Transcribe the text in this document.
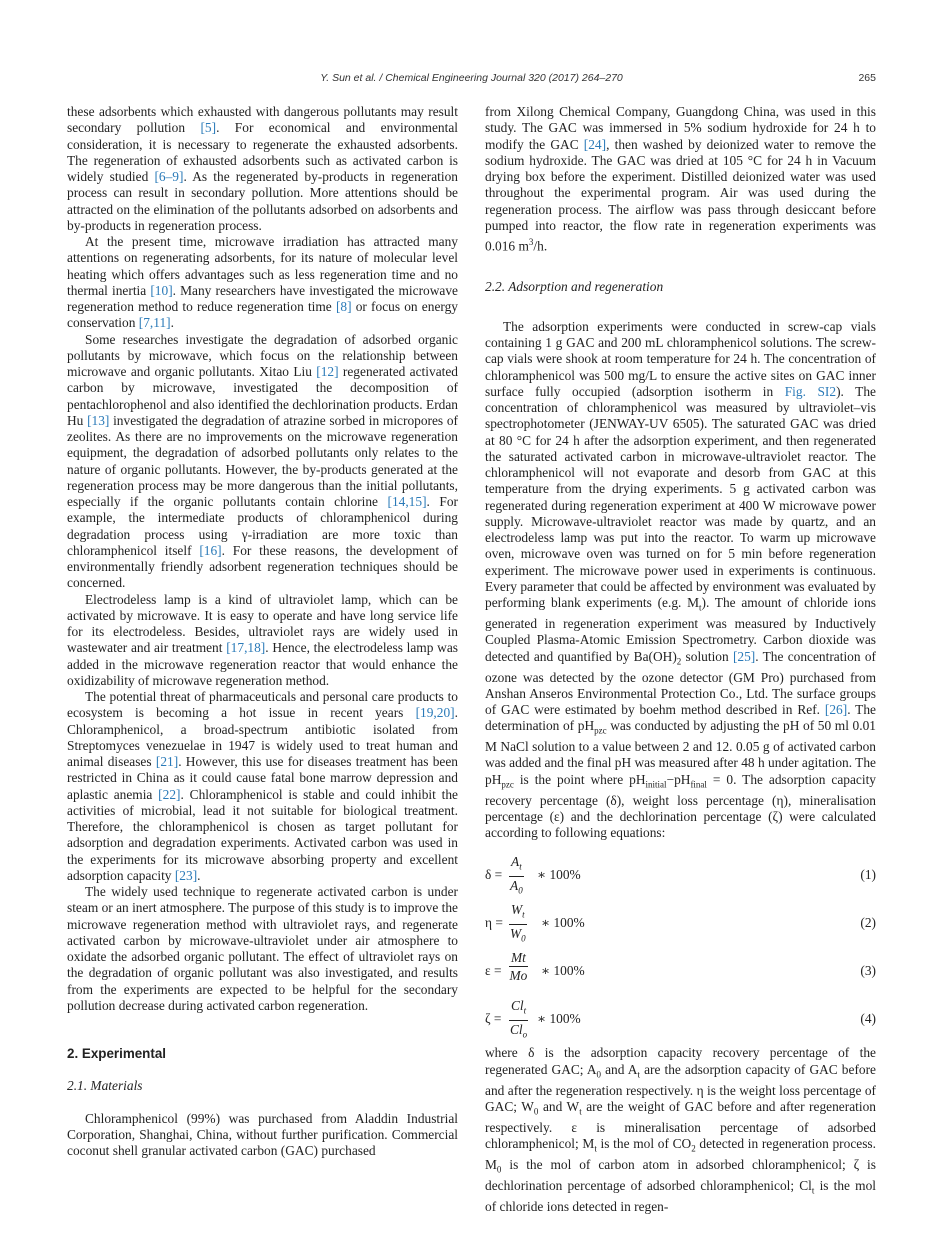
Y. Sun et al. / Chemical Engineering Journal 320 (2017) 264–270	265

these adsorbents which exhausted with dangerous pollutants may result secondary pollution [5]. For economical and environmental consideration, it is necessary to regenerate the exhausted adsorbents. The regeneration of exhausted adsorbents such as activated carbon is widely studied [6–9]. As the regenerated by-products in regeneration process can result in secondary pollution. More attentions should be attracted on the elimination of the pollutants adsorbed on adsorbents and by-products in regeneration process.

At the present time, microwave irradiation has attracted many attentions on regenerating adsorbents, for its nature of molecular level heating which offers advantages such as less regeneration time and no thermal inertia [10]. Many researchers have investigated the microwave regeneration method to reduce regeneration time [8] or focus on energy conservation [7,11].

Some researches investigate the degradation of adsorbed organic pollutants by microwave, which focus on the relationship between microwave and organic pollutants. Xitao Liu [12] regenerated activated carbon by microwave, investigated the decomposition of pentachlorophenol and also identified the dechlorination products. Erdan Hu [13] investigated the degradation of atrazine sorbed in micropores of zeolites. As there are no improvements on the microwave regeneration equipment, the degradation of adsorbed pollutants only relates to the nature of organic pollutants. However, the by-products generated at the regeneration process may be more dangerous than the initial pollutants, especially if the organic pollutants contain chlorine [14,15]. For example, the intermediate products of chloramphenicol during degradation process using γ-irradiation are more toxic than chloramphenicol itself [16]. For these reasons, the development of environmentally friendly adsorbent regeneration techniques should be concerned.

Electrodeless lamp is a kind of ultraviolet lamp, which can be activated by microwave. It is easy to operate and have long service life for its electrodeless. Besides, ultraviolet rays are widely used in wastewater and air treatment [17,18]. Hence, the electrodeless lamp was added in the microwave regeneration reactor that would enhance the oxidizability of microwave regeneration method.

The potential threat of pharmaceuticals and personal care products to ecosystem is becoming a hot issue in recent years [19,20]. Chloramphenicol, a broad-spectrum antibiotic isolated from Streptomyces venezuelae in 1947 is widely used to treat human and animal diseases [21]. However, this use for diseases treatment has been restricted in China as it could cause fatal bone marrow depression and aplastic anemia [22]. Chloramphenicol is stable and could inhibit the activities of microbial, lead it not suitable for biological treatment. Therefore, the chloramphenicol is chosen as target pollutant for adsorption and degradation experiments. Activated carbon was used in the experiments for its microwave absorbing property and excellent adsorption capacity [23].

The widely used technique to regenerate activated carbon is under steam or an inert atmosphere. The purpose of this study is to improve the microwave regeneration method with ultraviolet rays, and regenerate activated carbon by microwave-ultraviolet under air atmosphere to oxidate the adsorbed organic pollutant. The effect of ultraviolet rays on the degradation of organic pollutant was also investigated, and results from the experiments are expected to be helpful for the secondary pollution decrease during activated carbon regeneration.

2. Experimental
2.1. Materials

Chloramphenicol (99%) was purchased from Aladdin Industrial Corporation, Shanghai, China, without further purification. Commercial coconut shell granular activated carbon (GAC) purchased

from Xilong Chemical Company, Guangdong China, was used in this study. The GAC was immersed in 5% sodium hydroxide for 24 h to modify the GAC [24], then washed by deionized water to remove the sodium hydroxide. The GAC was dried at 105 °C for 24 h in Vacuum drying box before the experiment. Distilled deionized water was used throughout the experimental program. Air was used during the regeneration process. The airflow was pass through desiccant before pumped into reactor, the flow rate in regeneration experiments was 0.016 $m^3/h$.

2.2. Adsorption and regeneration

The adsorption experiments were conducted in screw-cap vials containing 1 g GAC and 200 mL chloramphenicol solutions. The screw-cap vials were shook at room temperature for 24 h. The concentration of chloramphenicol was 500 mg/L to ensure the active sites on GAC inner surface fully occupied (adsorption isotherm in Fig. SI2). The concentration of chloramphenicol was measured by ultraviolet–vis spectrophotometer (JENWAY-UV 6505). The saturated GAC was dried at 80 °C for 24 h after the adsorption experiment, and then regenerated the saturated activated carbon in microwave-ultraviolet reactor. The chloramphenicol will not evaporate and desorb from GAC at this temperature from the drying experiments. 5 g activated carbon was regenerated during regeneration experiment at 400 W microwave power supply. Microwave-ultraviolet reactor was made by quartz, and an electrodeless lamp was put into the reactor. To warm up microwave oven, microwave oven was turned on for 5 min before regeneration experiment. The microwave power used in experiments is continuous. Every parameter that could be affected by environment was evaluated by performing blank experiments (e.g. $M_t$). The amount of chloride ions generated in regeneration experiment was measured by Inductively Coupled Plasma-Atomic Emission Spectrometry. Carbon dioxide was detected and quantified by $Ba(OH)_2$ solution [25]. The concentration of ozone was detected by the ozone detector (GM Pro) purchased from Anshan Anseros Environmental Protection Co., Ltd. The surface groups of GAC were estimated by boehm method described in Ref. [26]. The determination of $pH_{pzc}$ was conducted by adjusting the pH of 50 ml 0.01 M NaCl solution to a value between 2 and 12. 0.05 g of activated carbon was added and the final pH was measured after 48 h under agitation. The $pH_{pzc}$ is the point where $pH_{initial}-pH_{final} = 0$. The adsorption capacity recovery percentage (δ), weight loss percentage (η), mineralisation percentage (ε) and the dechlorination percentage (ζ) were calculated according to following equations:

$\delta = \frac{A_t}{A_0}$ ∗ 100%	(1)
$\eta = \frac{W_t}{W_0}$ ∗ 100%	(2)
$\varepsilon = \frac{Mt}{Mo}$ ∗ 100%	(3)
ζ =
$Cl_t$
$Cl_o$
∗ 100%	(4)

where δ is the adsorption capacity recovery percentage of the regenerated GAC; $A_0$ and $A_t$ are the adsorption capacity of GAC before and after the regeneration respectively. η is the weight loss percentage of GAC; $W_0$ and $W_t$ are the weight of GAC before and after regeneration respectively. ε is mineralisation percentage of adsorbed chloramphenicol; $M_t$ is the mol of $CO_2$ detected in regeneration process. $M_0$ is the mol of carbon atom in adsorbed chloramphenicol; ζ is dechlorination percentage of adsorbed chloramphenicol; $Cl_t$ is the mol of chloride ions detected in regen-
